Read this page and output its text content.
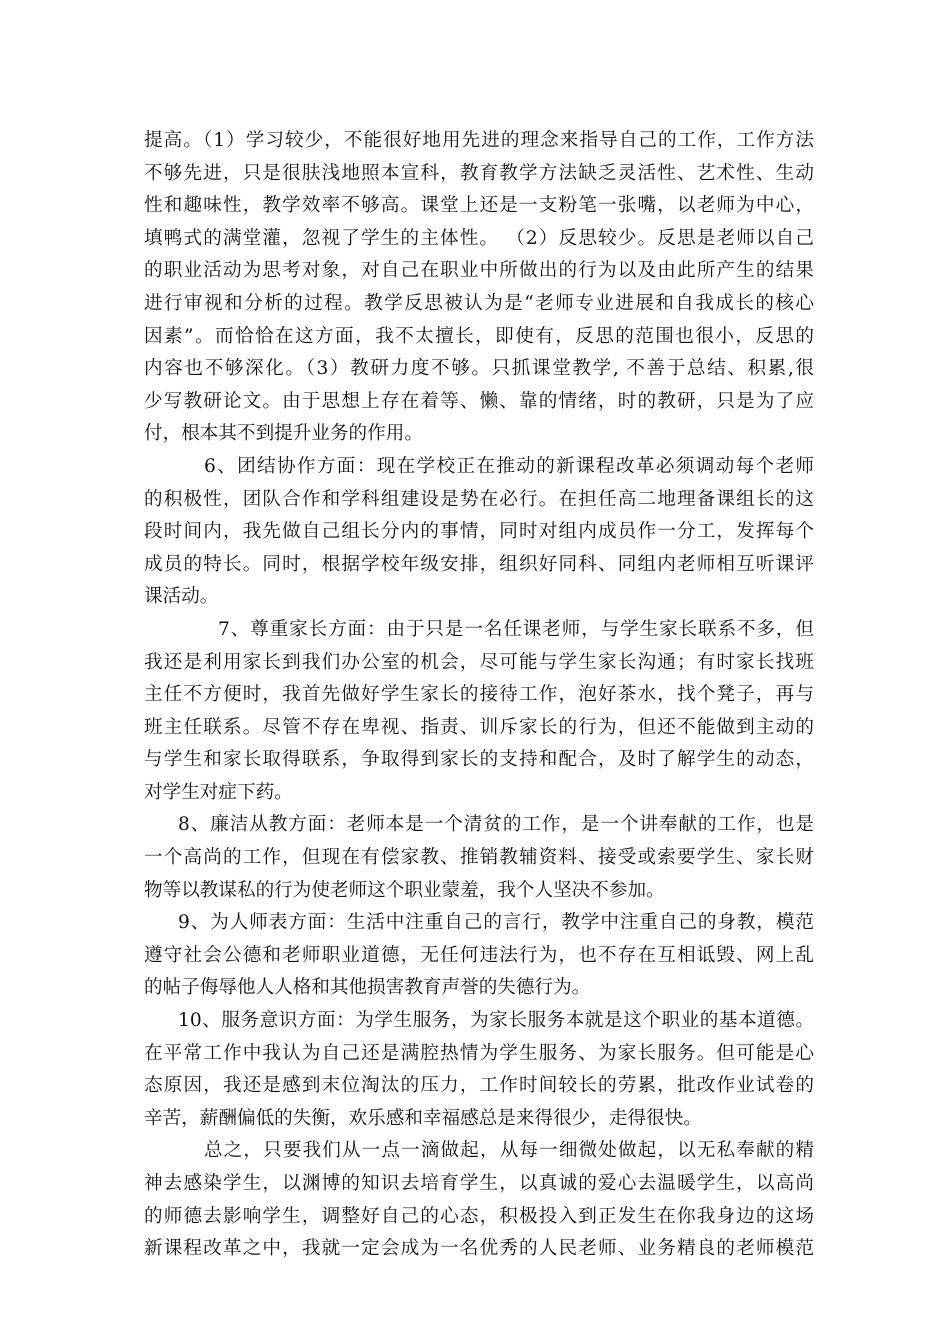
提高。（1）学习较少，不能很好地用先进的理念来指导自己的工作，工作方法
不够先进，只是很肤浅地照本宣科，教育教学方法缺乏灵活性、艺术性、生动
性和趣味性，教学效率不够高。课堂上还是一支粉笔一张嘴，以老师为中心，
填鸭式的满堂灌，忽视了学生的主体性。 （2）反思较少。反思是老师以自己
的职业活动为思考对象，对自己在职业中所做出的行为以及由此所产生的结果
进行审视和分析的过程。教学反思被认为是“老师专业进展和自我成长的核心
因素”。而恰恰在这方面，我不太擅长，即使有，反思的范围也很小，反思的
内容也不够深化。（3）教研力度不够。只抓课堂教学, 不善于总结、积累,很
少写教研论文。由于思想上存在着等、懒、靠的情绪，时的教研，只是为了应
付，根本其不到提升业务的作用。
6、团结协作方面：现在学校正在推动的新课程改革必须调动每个老师
的积极性，团队合作和学科组建设是势在必行。在担任高二地理备课组长的这
段时间内，我先做自己组长分内的事情，同时对组内成员作一分工，发挥每个
成员的特长。同时，根据学校年级安排，组织好同科、同组内老师相互听课评
课活动。
7、尊重家长方面：由于只是一名任课老师，与学生家长联系不多，但
我还是利用家长到我们办公室的机会，尽可能与学生家长沟通；有时家长找班
主任不方便时，我首先做好学生家长的接待工作，泡好茶水，找个凳子，再与
班主任联系。尽管不存在卑视、指责、训斥家长的行为，但还不能做到主动的
与学生和家长取得联系，争取得到家长的支持和配合，及时了解学生的动态，
对学生对症下药。
8、廉洁从教方面：老师本是一个清贫的工作，是一个讲奉献的工作，也是
一个高尚的工作，但现在有偿家教、推销教辅资料、接受或索要学生、家长财
物等以教谋私的行为使老师这个职业蒙羞，我个人坚决不参加。
9、为人师表方面：生活中注重自己的言行，教学中注重自己的身教，模范
遵守社会公德和老师职业道德，无任何违法行为，也不存在互相诋毁、网上乱
的帖子侮辱他人人格和其他损害教育声誉的失德行为。
10、服务意识方面：为学生服务，为家长服务本就是这个职业的基本道德。
在平常工作中我认为自己还是满腔热情为学生服务、为家长服务。但可能是心
态原因，我还是感到末位淘汰的压力，工作时间较长的劳累，批改作业试卷的
辛苦，薪酬偏低的失衡，欢乐感和幸福感总是来得很少，走得很快。
总之，只要我们从一点一滴做起，从每一细微处做起，以无私奉献的精
神去感染学生，以渊博的知识去培育学生，以真诚的爱心去温暖学生，以高尚
的师德去影响学生，调整好自己的心态，积极投入到正发生在你我身边的这场
新课程改革之中，我就一定会成为一名优秀的人民老师、业务精良的老师模范
